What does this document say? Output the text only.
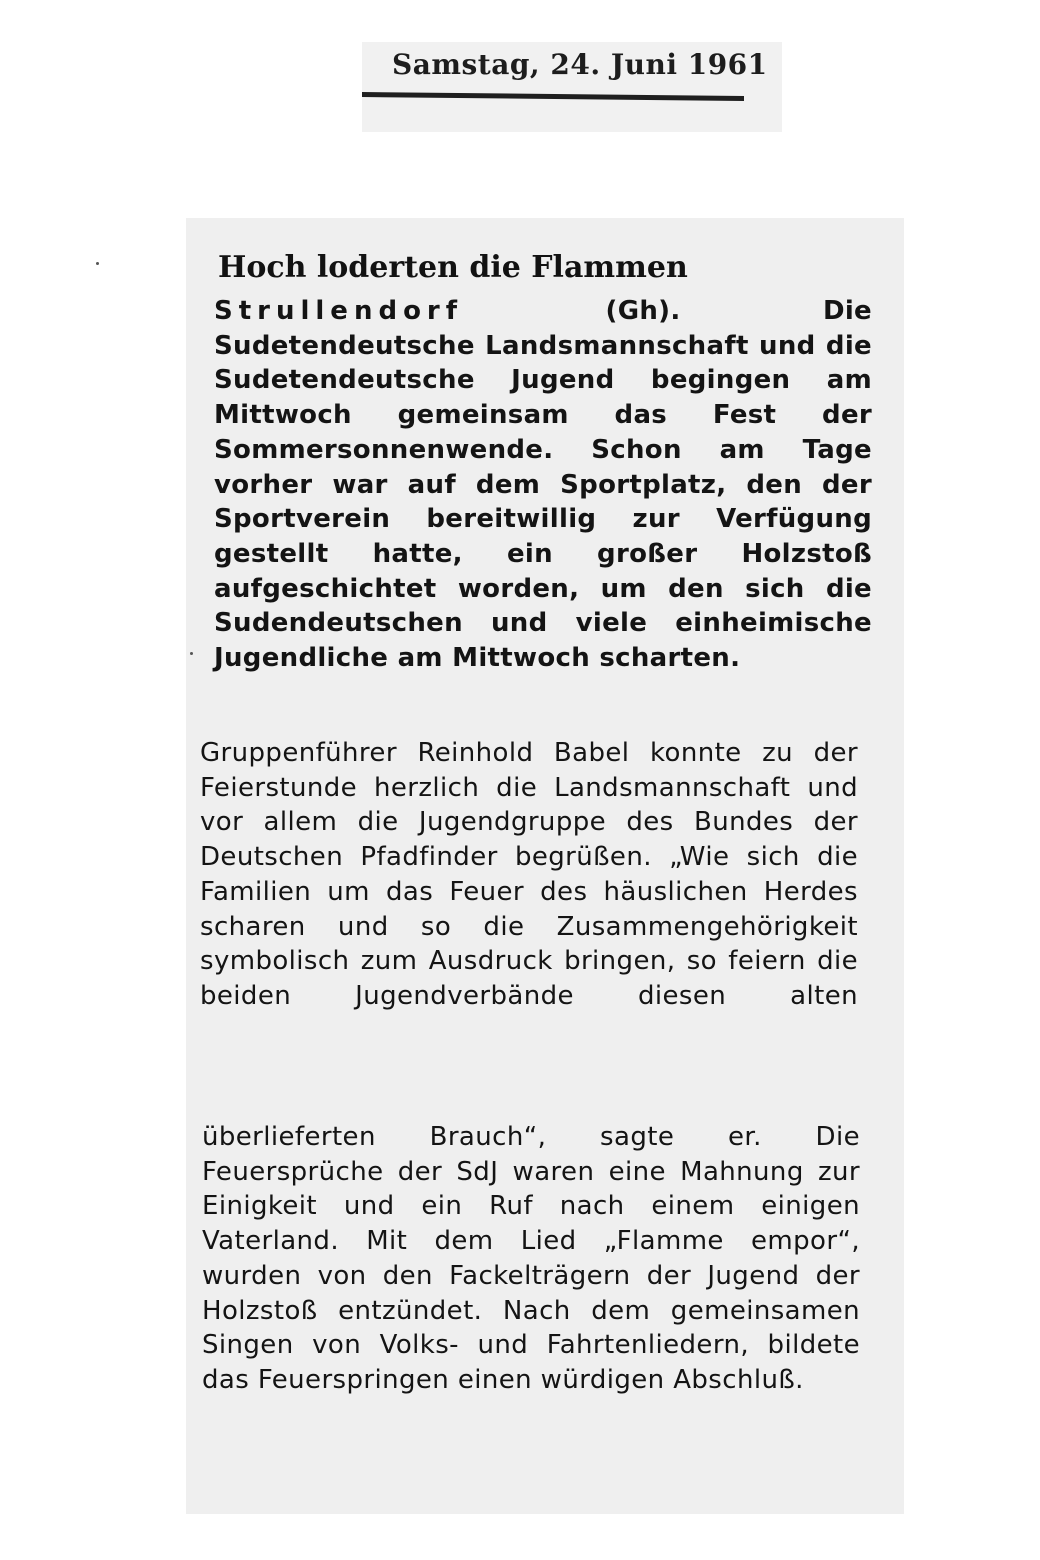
Samstag, 24. Juni 1961
Hoch loderten die Flammen

Strullendorf (Gh). Die Sudetendeutsche Landsmannschaft und die Sudetendeutsche Jugend begingen am Mittwoch gemeinsam das Fest der Sommersonnenwende. Schon am Tage vorher war auf dem Sportplatz, den der Sportverein bereitwillig zur Verfügung gestellt hatte, ein großer Holzstoß aufgeschichtet worden, um den sich die Sudendeutschen und viele einheimische Jugendliche am Mittwoch scharten.

Gruppenführer Reinhold Babel konnte zu der Feierstunde herzlich die Landsmannschaft und vor allem die Jugendgruppe des Bundes der Deutschen Pfadfinder begrüßen. „Wie sich die Familien um das Feuer des häuslichen Herdes scharen und so die Zusammengehörigkeit symbolisch zum Ausdruck bringen, so feiern die beiden Jugendverbände diesen alten

überlieferten Brauch“, sagte er. Die Feuersprüche der SdJ waren eine Mahnung zur Einigkeit und ein Ruf nach einem einigen Vaterland. Mit dem Lied „Flamme empor“, wurden von den Fackelträgern der Jugend der Holzstoß entzündet. Nach dem gemeinsamen Singen von Volks- und Fahrtenliedern, bildete das Feuerspringen einen würdigen Abschluß.
